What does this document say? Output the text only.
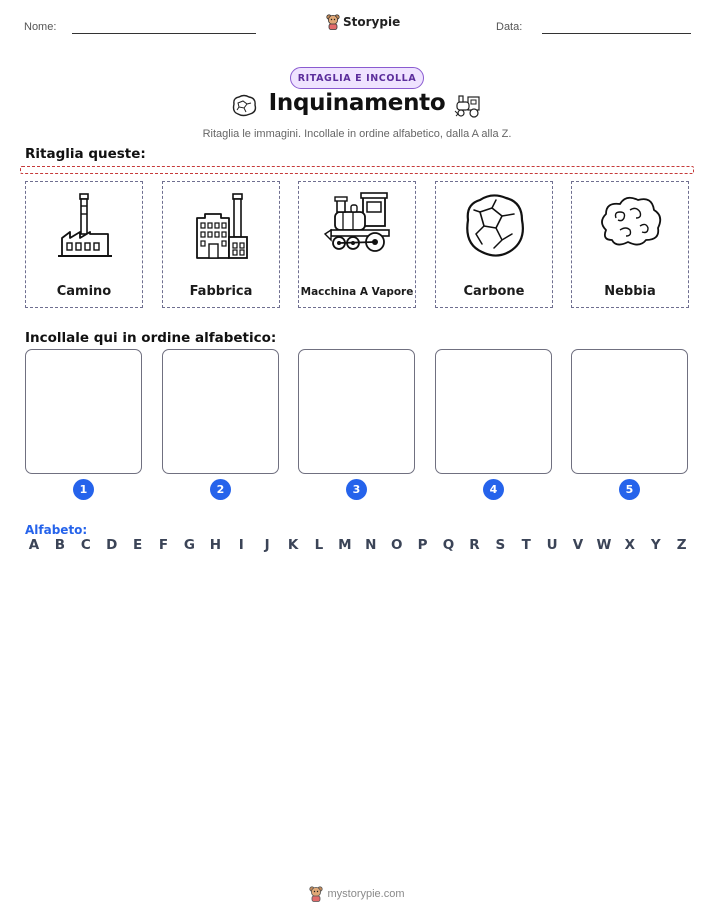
Nome:	Storypie	Data:
RITAGLIA E INCOLLA
Inquinamento
Ritaglia le immagini. Incollale in ordine alfabetico, dalla A alla Z.
Ritaglia queste:
Camino	Fabbrica	Macchina A Vapore	Carbone	Nebbia
Incollale qui in ordine alfabetico:
1	2	3	4	5
Alfabeto:
A B C D	E	F	G H	I	J	K	L	M N O P Q R	S	T	U V W X	Y	Z
mystorypie.com
